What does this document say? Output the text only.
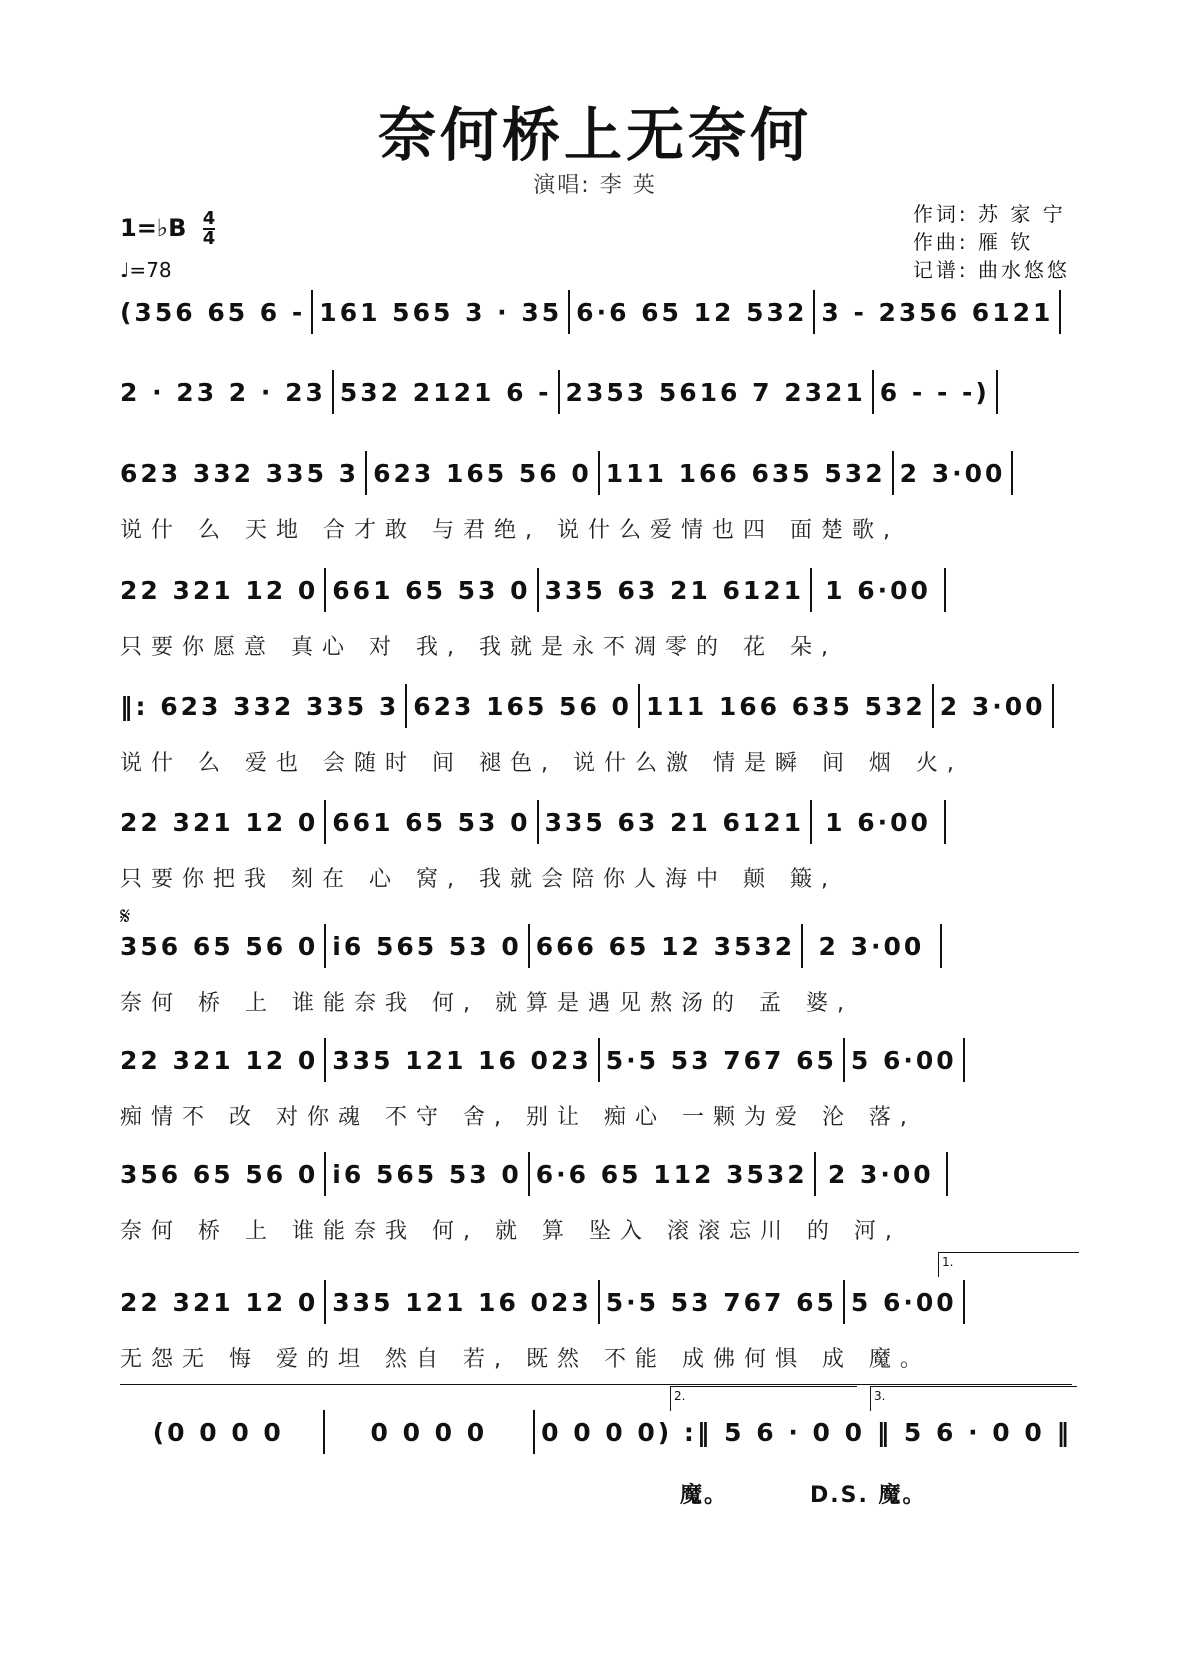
奈何桥上无奈何
演唱: 李 英
1=♭B $\frac{4}{4}$
♩=78
作词: 苏 家 宁
作曲: 雁 钦
记谱: 曲水悠悠
(356 65 6 - 161 565 3 · 35 6·6 65 12 532 3 - 2356 6121
2 · 23 2 · 23 532 2121 6 - 2353 5616 7 2321 6 - - -)
623 332 335 3 623 165 56 0 111 166 635 532 2 3·00
说什 么 天地 合才敢 与君绝, 说什么爱情也四 面楚歌,
22 321 12 0 661 65 53 0 335 63 21 6121 1 6·00
只要你愿意 真心 对 我, 我就是永不凋零的 花 朵,
‖: 623 332 335 3 623 165 56 0 111 166 635 532 2 3·00
说什 么 爱也 会随时 间 褪色, 说什么激 情是瞬 间 烟 火,
22 321 12 0 661 65 53 0 335 63 21 6121 1 6·00
只要你把我 刻在 心 窝, 我就会陪你人海中 颠 簸,
𝄋
356 65 56 0 i6 565 53 0 666 65 12 3532 2 3·00
奈何 桥 上 谁能奈我 何, 就算是遇见熬汤的 孟 婆,
22 321 12 0 335 121 16 023 5·5 53 767 65 5 6·00
痴情不 改 对你魂 不守 舍, 别让 痴心 一颗为爱 沦 落,
356 65 56 0 i6 565 53 0 6·6 65 112 3532 2 3·00
奈何 桥 上 谁能奈我 何, 就 算 坠入 滚滚忘川 的 河,
1.
22 321 12 0 335 121 16 023 5·5 53 767 65 5 6·00
无怨无 悔 爱的坦 然自 若, 既然 不能 成佛何惧 成 魔。
2.	3.
(0 0 0 0	0 0 0 0	0 0 0 0) :‖ 5 6 · 0 0 ‖ 5 6 · 0 0 ‖
魔。	D.S. 魔。
